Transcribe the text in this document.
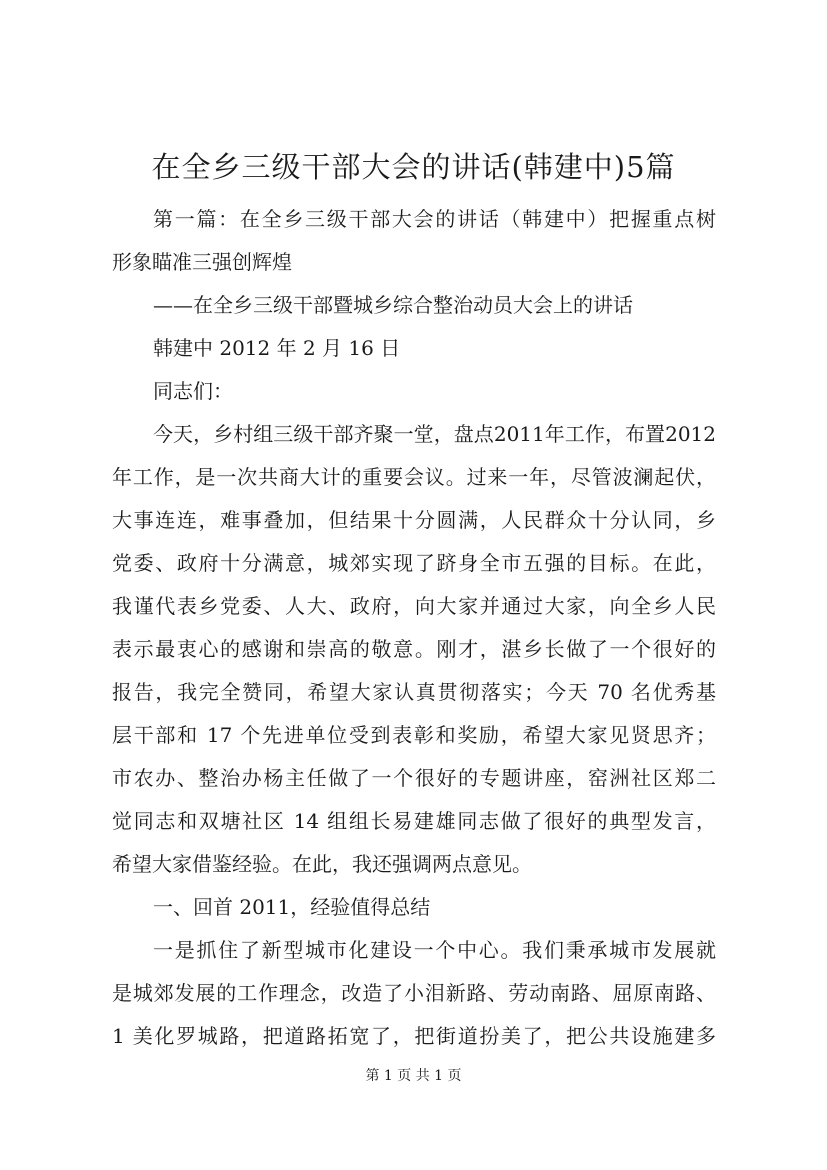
在全乡三级干部大会的讲话(韩建中)5篇
第一篇：在全乡三级干部大会的讲话（韩建中）把握重点树
形象瞄准三强创辉煌
——在全乡三级干部暨城乡综合整治动员大会上的讲话
韩建中 2012 年 2 月 16 日
同志们：
今天，乡村组三级干部齐聚一堂，盘点2011年工作，布置2012
年工作，是一次共商大计的重要会议。过来一年，尽管波澜起伏，
大事连连，难事叠加，但结果十分圆满，人民群众十分认同，乡
党委、政府十分满意，城郊实现了跻身全市五强的目标。在此，
我谨代表乡党委、人大、政府，向大家并通过大家，向全乡人民
表示最衷心的感谢和崇高的敬意。刚才，湛乡长做了一个很好的
报告，我完全赞同，希望大家认真贯彻落实；今天 70 名优秀基
层干部和 17 个先进单位受到表彰和奖励，希望大家见贤思齐；
市农办、整治办杨主任做了一个很好的专题讲座，窑洲社区郑二
觉同志和双塘社区 14 组组长易建雄同志做了很好的典型发言，
希望大家借鉴经验。在此，我还强调两点意见。
一、回首 2011，经验值得总结
一是抓住了新型城市化建设一个中心。我们秉承城市发展就
是城郊发展的工作理念，改造了小泪新路、劳动南路、屈原南路、
1 美化罗城路，把道路拓宽了，把街道扮美了，把公共设施建多
第 1 页 共 1 页
